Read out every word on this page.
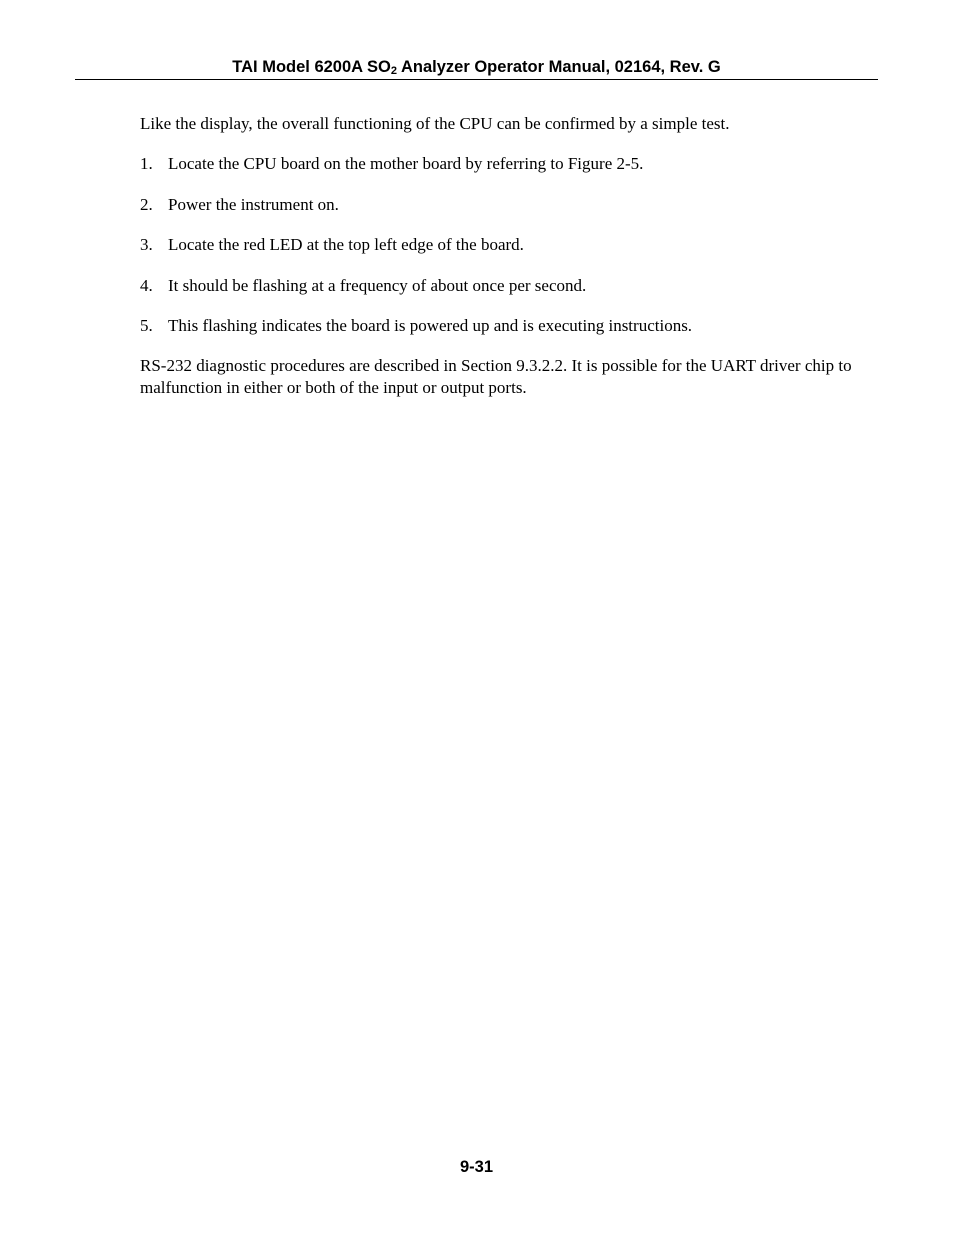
TAI Model 6200A $SO_2$ Analyzer Operator Manual, 02164, Rev. G

Like the display, the overall functioning of the CPU can be confirmed by a simple test.

1. Locate the CPU board on the mother board by referring to Figure 2-5.
2. Power the instrument on.
3. Locate the red LED at the top left edge of the board.
4. It should be flashing at a frequency of about once per second.
5. This flashing indicates the board is powered up and is executing instructions.

RS-232 diagnostic procedures are described in Section 9.3.2.2. It is possible for the UART driver chip to malfunction in either or both of the input or output ports.

9-31
